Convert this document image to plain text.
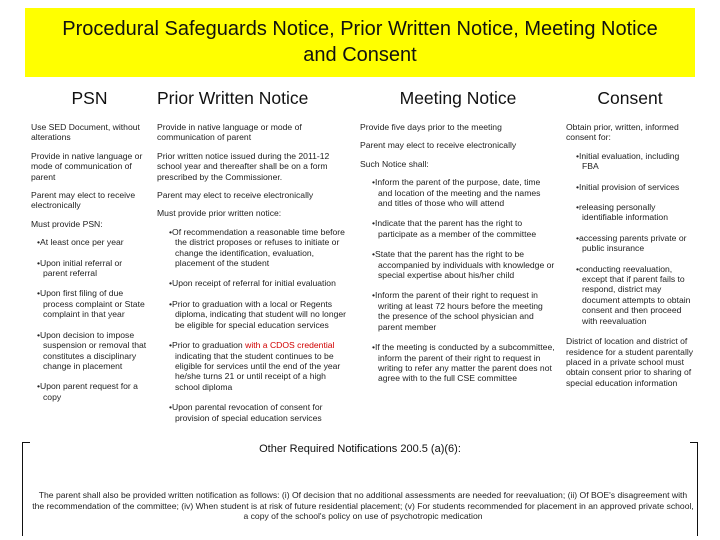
Procedural Safeguards Notice, Prior Written Notice, Meeting Notice
and Consent
PSN

Use SED Document, without alterations

Provide in native language or mode of communication of parent

Parent may elect to receive electronically

Must provide PSN:

• At least once per year
• Upon initial referral or parent referral
• Upon first filing of due process complaint or State complaint in that year
• Upon decision to impose suspension or removal that constitutes a disciplinary change in placement
• Upon parent request for a copy
Prior Written Notice

Provide in native language or mode of communication of parent

Prior written notice issued during the 2011-12 school year and thereafter shall be on a form prescribed by the Commissioner.

Parent may elect to receive electronically

Must provide prior written notice:

• Of recommendation a reasonable time before the district proposes or refuses to initiate or change the identification, evaluation, placement of the student
• Upon receipt of referral for initial evaluation
• Prior to graduation with a local or Regents diploma, indicating that student will no longer be eligible for special education services
• Prior to graduation with a CDOS credential indicating that the student continues to be eligible for services until the end of the year he/she turns 21 or until receipt of a high school diploma
• Upon parental revocation of consent for provision of special education services
Meeting Notice

Provide five days prior to the meeting

Parent may elect to receive electronically

Such Notice shall:

• Inform the parent of the purpose, date, time and location of the meeting and the names and titles of those who will attend
• Indicate that the parent has the right to participate as a member of the committee
• State that the parent has the right to be accompanied by individuals with knowledge or special expertise about his/her child
• Inform the parent of their right to request in writing at least 72 hours before the meeting the presence of the school physician and parent member
• If the meeting is conducted by a subcommittee, inform the parent of their right to request in writing to refer any matter the parent does not agree with to the full CSE committee
Consent

Obtain prior, written, informed consent for:

• Initial evaluation, including FBA
• Initial provision of services
• releasing personally identifiable information
• accessing parents private or public insurance
• conducting reevaluation, except that if parent fails to respond, district may document attempts to obtain consent and then proceed with reevaluation

District of location and district of residence for a student parentally placed in a private school must obtain consent prior to sharing of special education information

Other Required Notifications 200.5 (a)(6):
The parent shall also be provided written notification as follows: (i) Of decision that no additional assessments are needed for reevaluation; (ii) Of BOE's disagreement with the recommendation of the committee; (iv) When student is at risk of future residential placement; (v) For students recommended for placement in an approved private school, a copy of the school's policy on use of psychotropic medication
